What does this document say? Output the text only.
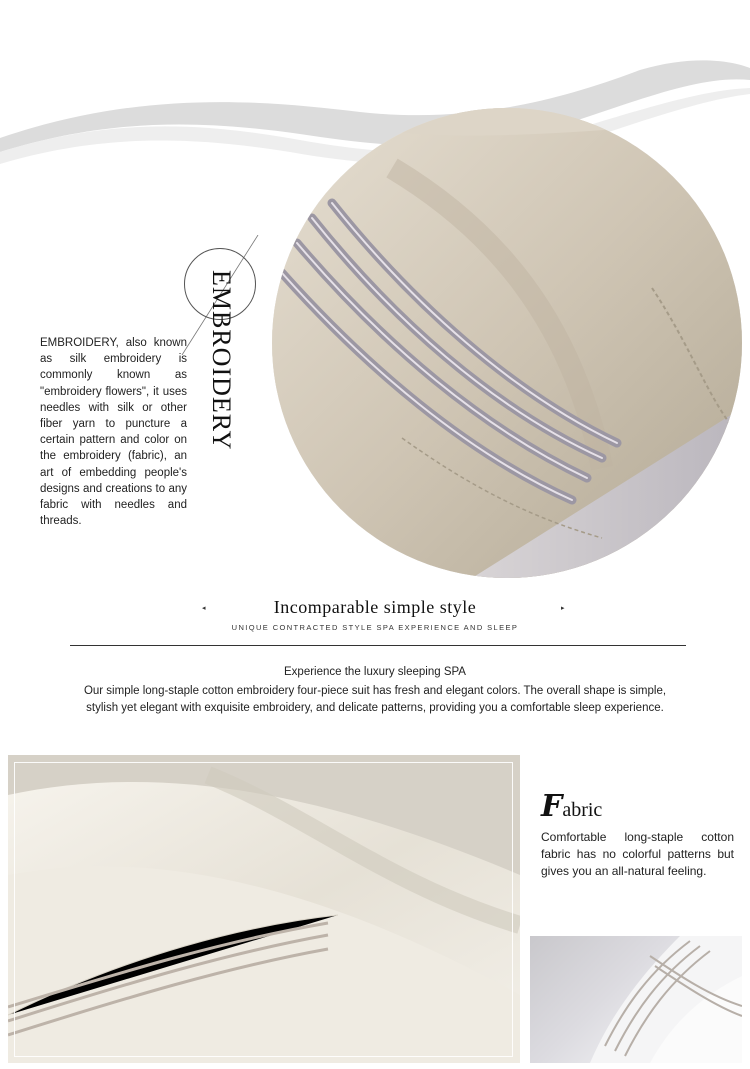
EMBROIDERY
EMBROIDERY, also known as silk embroidery is commonly known as "embroidery flowers", it uses needles with silk or other fiber yarn to puncture a certain pattern and color on the embroidery (fabric), an art of embedding people's designs and creations to any fabric with needles and threads.
◂	Incomparable simple style	▸
UNIQUE CONTRACTED STYLE SPA EXPERIENCE AND SLEEP
Experience the luxury sleeping SPA
Our simple long-staple cotton embroidery four-piece suit has fresh and elegant colors. The overall shape is simple, stylish yet elegant with exquisite embroidery, and delicate patterns, providing you a comfortable sleep experience.
Fabric
Comfortable long-staple cotton fabric has no colorful patterns but gives you an all-natural feeling.
